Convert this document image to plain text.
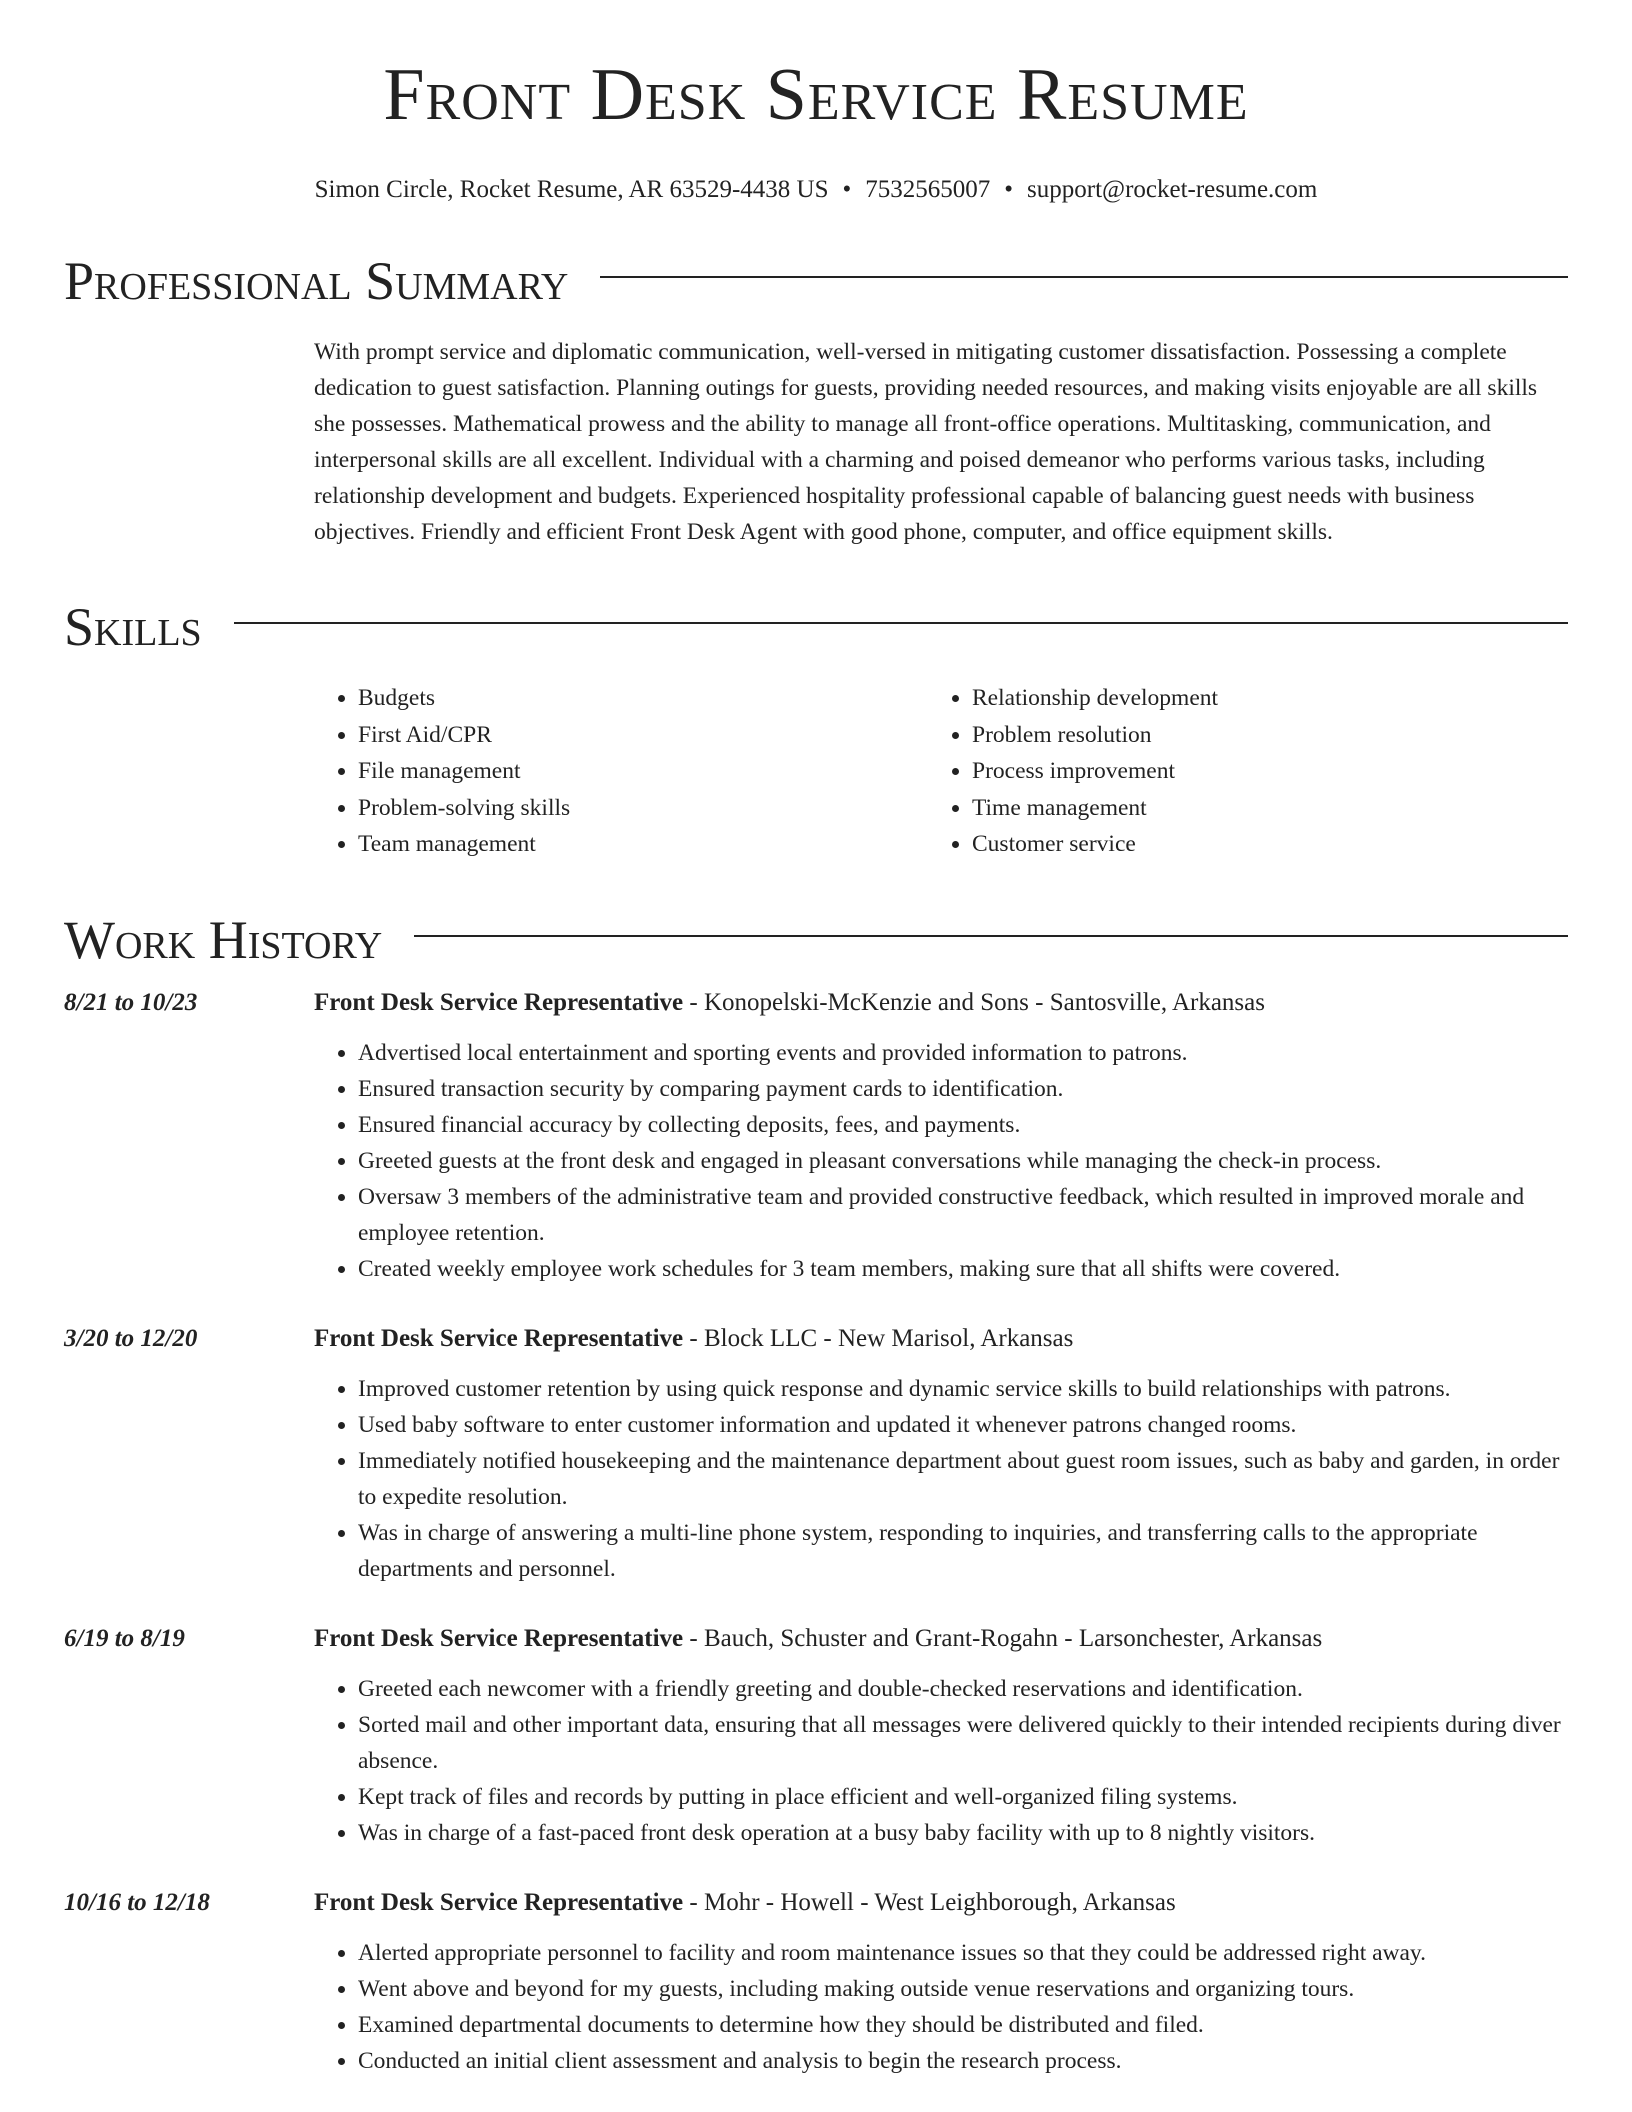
Front Desk Service Resume
Simon Circle, Rocket Resume, AR 63529-4438 US • 7532565007 • support@rocket-resume.com
Professional Summary
With prompt service and diplomatic communication, well-versed in mitigating customer dissatisfaction. Possessing a complete dedication to guest satisfaction. Planning outings for guests, providing needed resources, and making visits enjoyable are all skills she possesses. Mathematical prowess and the ability to manage all front-office operations. Multitasking, communication, and interpersonal skills are all excellent. Individual with a charming and poised demeanor who performs various tasks, including relationship development and budgets. Experienced hospitality professional capable of balancing guest needs with business objectives. Friendly and efficient Front Desk Agent with good phone, computer, and office equipment skills.
Skills
• Budgets
• First Aid/CPR
• File management
• Problem-solving skills
• Team management
• Relationship development
• Problem resolution
• Process improvement
• Time management
• Customer service
Work History
8/21 to 10/23	Front Desk Service Representative - Konopelski-McKenzie and Sons - Santosville, Arkansas
• Advertised local entertainment and sporting events and provided information to patrons.
• Ensured transaction security by comparing payment cards to identification.
• Ensured financial accuracy by collecting deposits, fees, and payments.
• Greeted guests at the front desk and engaged in pleasant conversations while managing the check-in process.
• Oversaw 3 members of the administrative team and provided constructive feedback, which resulted in improved morale and employee retention.
• Created weekly employee work schedules for 3 team members, making sure that all shifts were covered.
3/20 to 12/20	Front Desk Service Representative - Block LLC - New Marisol, Arkansas
• Improved customer retention by using quick response and dynamic service skills to build relationships with patrons.
• Used baby software to enter customer information and updated it whenever patrons changed rooms.
• Immediately notified housekeeping and the maintenance department about guest room issues, such as baby and garden, in order to expedite resolution.
• Was in charge of answering a multi-line phone system, responding to inquiries, and transferring calls to the appropriate departments and personnel.
6/19 to 8/19	Front Desk Service Representative - Bauch, Schuster and Grant-Rogahn - Larsonchester, Arkansas
• Greeted each newcomer with a friendly greeting and double-checked reservations and identification.
• Sorted mail and other important data, ensuring that all messages were delivered quickly to their intended recipients during diver absence.
• Kept track of files and records by putting in place efficient and well-organized filing systems.
• Was in charge of a fast-paced front desk operation at a busy baby facility with up to 8 nightly visitors.
10/16 to 12/18	Front Desk Service Representative - Mohr - Howell - West Leighborough, Arkansas
• Alerted appropriate personnel to facility and room maintenance issues so that they could be addressed right away.
• Went above and beyond for my guests, including making outside venue reservations and organizing tours.
• Examined departmental documents to determine how they should be distributed and filed.
• Conducted an initial client assessment and analysis to begin the research process.
